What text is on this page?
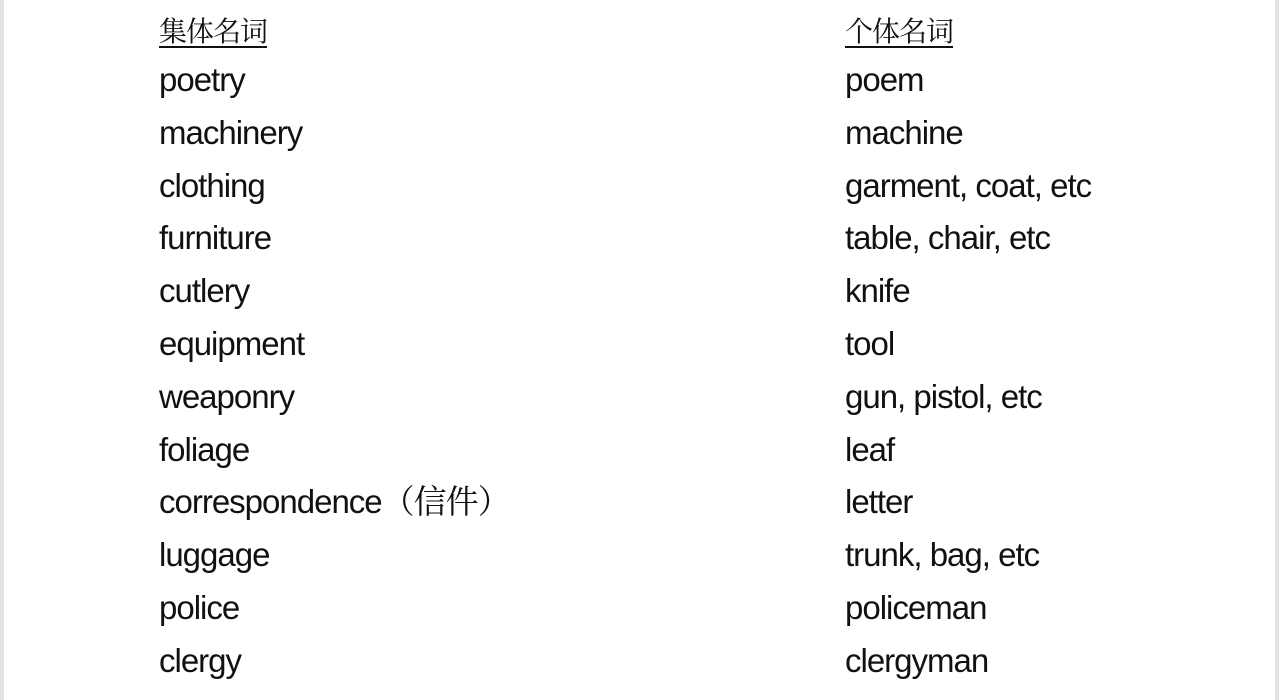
集体名词
poetry
machinery
clothing
furniture
cutlery
equipment
weaponry
foliage
correspondence（信件）
luggage
police
clergy
个体名词
poem
machine
garment, coat, etc
table, chair, etc
knife
tool
gun, pistol, etc
leaf
letter
trunk, bag, etc
policeman
clergyman
